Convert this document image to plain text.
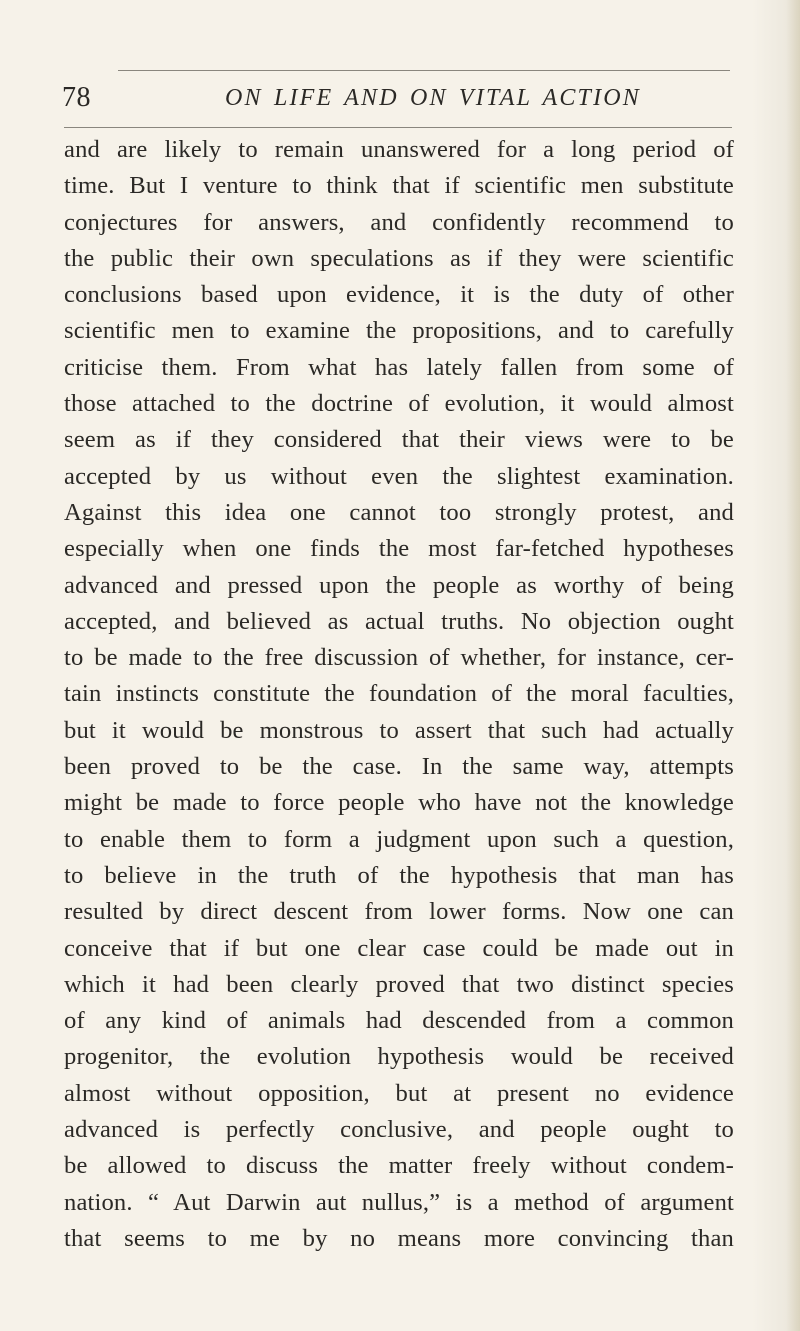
78	ON LIFE AND ON VITAL ACTION
and are likely to remain unanswered for a long period of
time. But I venture to think that if scientific men substitute
conjectures for answers, and confidently recommend to
the public their own speculations as if they were scientific
conclusions based upon evidence, it is the duty of other
scientific men to examine the propositions, and to carefully
criticise them. From what has lately fallen from some of
those attached to the doctrine of evolution, it would almost
seem as if they considered that their views were to be
accepted by us without even the slightest examination.
Against this idea one cannot too strongly protest, and
especially when one finds the most far-fetched hypotheses
advanced and pressed upon the people as worthy of being
accepted, and believed as actual truths. No objection ought
to be made to the free discussion of whether, for instance, cer-
tain instincts constitute the foundation of the moral faculties,
but it would be monstrous to assert that such had actually
been proved to be the case. In the same way, attempts
might be made to force people who have not the knowledge
to enable them to form a judgment upon such a question,
to believe in the truth of the hypothesis that man has
resulted by direct descent from lower forms. Now one can
conceive that if but one clear case could be made out in
which it had been clearly proved that two distinct species
of any kind of animals had descended from a common
progenitor, the evolution hypothesis would be received
almost without opposition, but at present no evidence
advanced is perfectly conclusive, and people ought to
be allowed to discuss the matter freely without condem-
nation. “ Aut Darwin aut nullus,” is a method of argument
that seems to me by no means more convincing than
